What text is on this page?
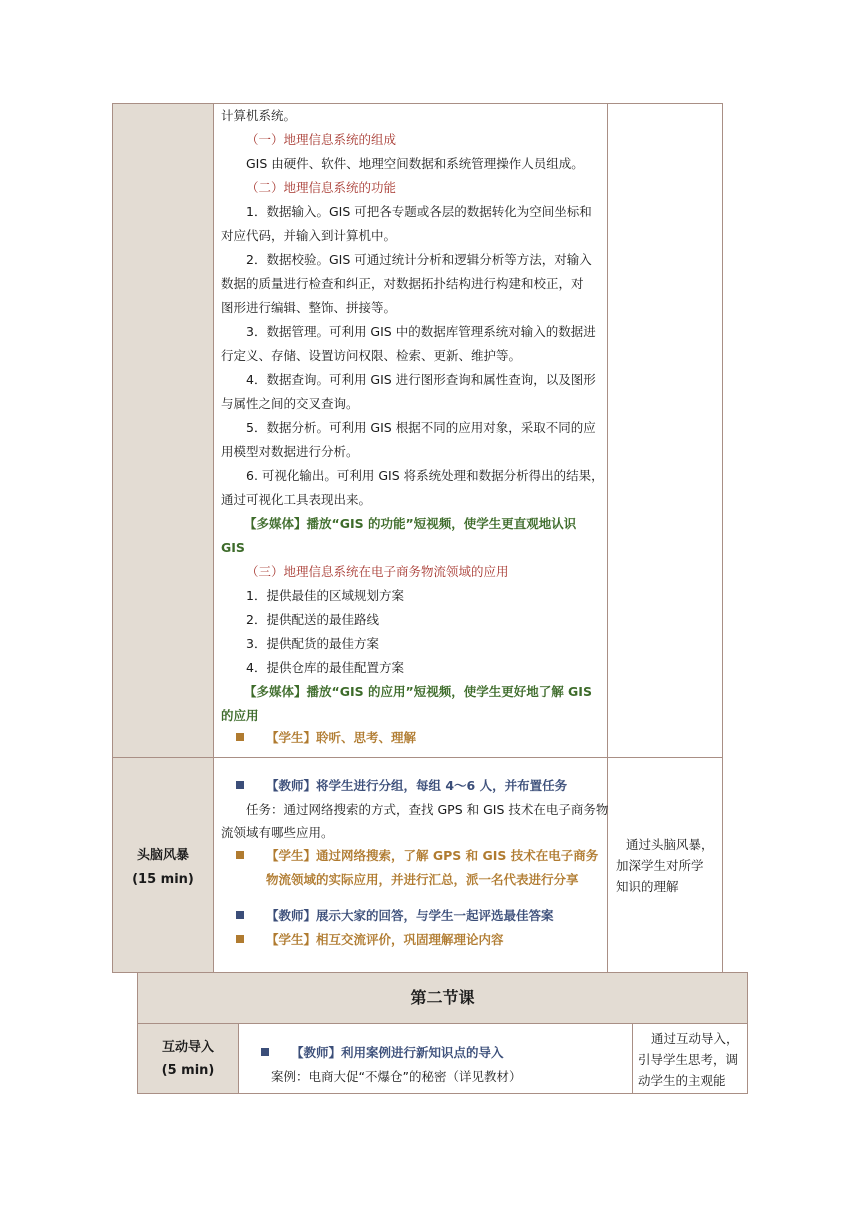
计算机系统。
（一）地理信息系统的组成
GIS 由硬件、软件、地理空间数据和系统管理操作人员组成。
（二）地理信息系统的功能
1．数据输入。GIS 可把各专题或各层的数据转化为空间坐标和
对应代码，并输入到计算机中。
2．数据校验。GIS 可通过统计分析和逻辑分析等方法，对输入
数据的质量进行检查和纠正，对数据拓扑结构进行构建和校正，对
图形进行编辑、整饰、拼接等。
3．数据管理。可利用 GIS 中的数据库管理系统对输入的数据进
行定义、存储、设置访问权限、检索、更新、维护等。
4．数据查询。可利用 GIS 进行图形查询和属性查询，以及图形
与属性之间的交叉查询。
5．数据分析。可利用 GIS 根据不同的应用对象，采取不同的应
用模型对数据进行分析。
6. 可视化输出。可利用 GIS 将系统处理和数据分析得出的结果，
通过可视化工具表现出来。
【多媒体】播放“GIS 的功能”短视频，使学生更直观地认识
GIS
（三）地理信息系统在电子商务物流领域的应用
1．提供最佳的区域规划方案
2．提供配送的最佳路线
3．提供配货的最佳方案
4．提供仓库的最佳配置方案
【多媒体】播放“GIS 的应用”短视频，使学生更好地了解 GIS
的应用
【学生】聆听、思考、理解
头脑风暴
(15 min)
【教师】将学生进行分组，每组 4～6 人，并布置任务
任务：通过网络搜索的方式，查找 GPS 和 GIS 技术在电子商务物
流领域有哪些应用。
【学生】通过网络搜索，了解 GPS 和 GIS 技术在电子商务
物流领域的实际应用，并进行汇总，派一名代表进行分享
【教师】展示大家的回答，与学生一起评选最佳答案
【学生】相互交流评价，巩固理解理论内容
通过头脑风暴，
加深学生对所学
知识的理解
第二节课
互动导入
(5 min)
【教师】利用案例进行新知识点的导入
案例：电商大促“不爆仓”的秘密（详见教材）
通过互动导入，
引导学生思考，调
动学生的主观能
